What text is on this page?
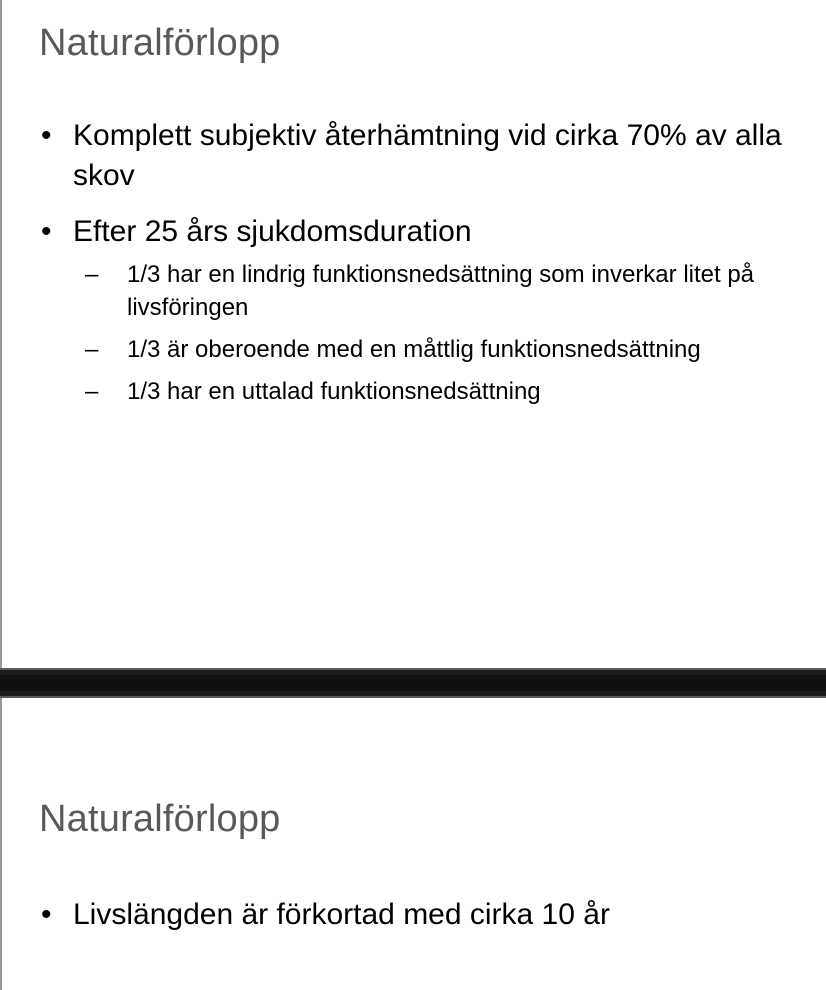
Naturalförlopp
• Komplett subjektiv återhämtning vid cirka 70% av alla skov
• Efter 25 års sjukdomsduration
– 1/3 har en lindrig funktionsnedsättning som inverkar litet på livsföringen
– 1/3 är oberoende med en måttlig funktionsnedsättning
– 1/3 har en uttalad funktionsnedsättning
Naturalförlopp
• Livslängden är förkortad med cirka 10 år
